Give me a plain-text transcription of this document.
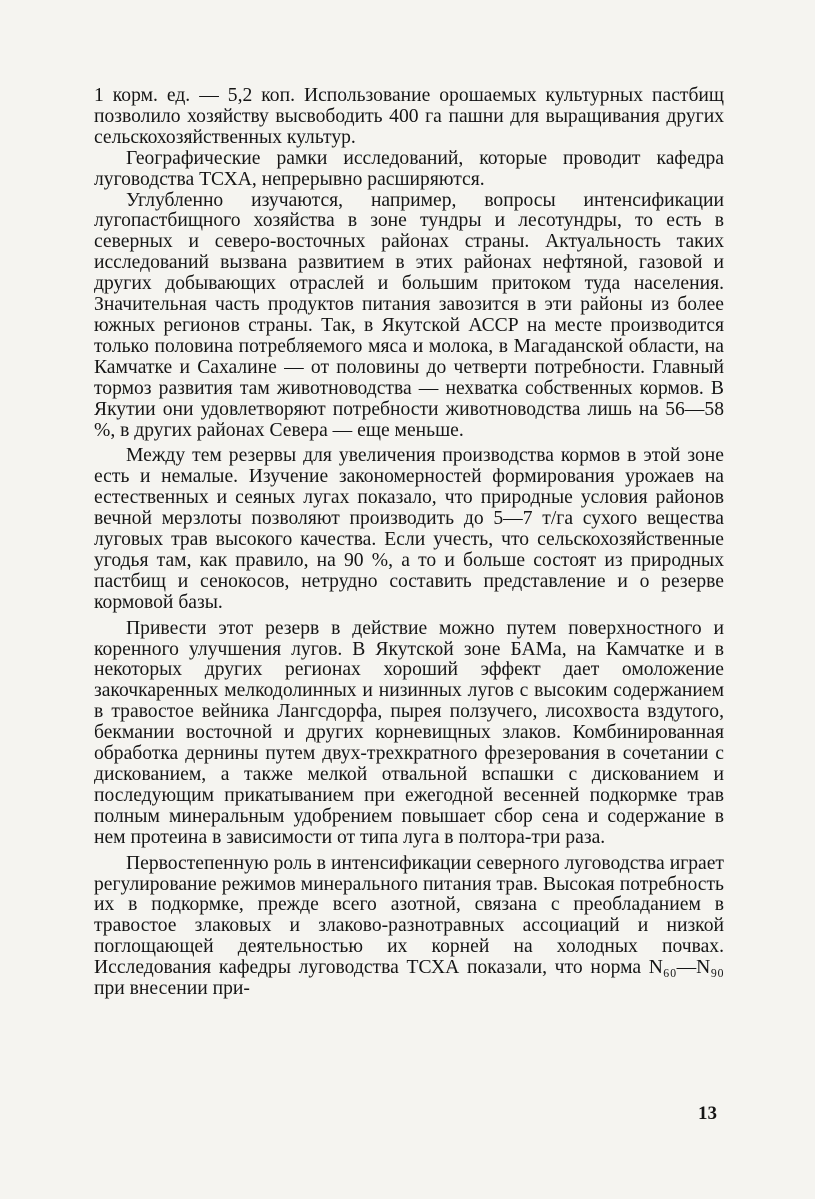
1 корм. ед. — 5,2 коп. Использование орошаемых культурных пастбищ позволило хозяйству высвободить 400 га пашни для выращивания других сельскохозяйственных культур.

Географические рамки исследований, которые проводит кафедра луговодства ТСХА, непрерывно расширяются.

Углубленно изучаются, например, вопросы интенсификации лугопастбищного хозяйства в зоне тундры и лесотундры, то есть в северных и северо-восточных районах страны. Актуальность таких исследований вызвана развитием в этих районах нефтяной, газовой и других добывающих отраслей и большим притоком туда населения. Значительная часть продуктов питания завозится в эти районы из более южных регионов страны. Так, в Якутской АССР на месте производится только половина потребляемого мяса и молока, в Магаданской области, на Камчатке и Сахалине — от половины до четверти потребности. Главный тормоз развития там животноводства — нехватка собственных кормов. В Якутии они удовлетворяют потребности животноводства лишь на 56—58 %, в других районах Севера — еще меньше.

Между тем резервы для увеличения производства кормов в этой зоне есть и немалые. Изучение закономерностей формирования урожаев на естественных и сеяных лугах показало, что природные условия районов вечной мерзлоты позволяют производить до 5—7 т/га сухого вещества луговых трав высокого качества. Если учесть, что сельскохозяйственные угодья там, как правило, на 90 %, а то и больше состоят из природных пастбищ и сенокосов, нетрудно составить представление и о резерве кормовой базы.

Привести этот резерв в действие можно путем поверхностного и коренного улучшения лугов. В Якутской зоне БАМа, на Камчатке и в некоторых других регионах хороший эффект дает омоложение закочкаренных мелкодолинных и низинных лугов с высоким содержанием в травостое вейника Лангсдорфа, пырея ползучего, лисохвоста вздутого, бекмании восточной и других корневищных злаков. Комбинированная обработка дернины путем двух-трехкратного фрезерования в сочетании с дискованием, а также мелкой отвальной вспашки с дискованием и последующим прикатыванием при ежегодной весенней подкормке трав полным минеральным удобрением повышает сбор сена и содержание в нем протеина в зависимости от типа луга в полтора-три раза.

Первостепенную роль в интенсификации северного луговодства играет регулирование режимов минерального питания трав. Высокая потребность их в подкормке, прежде всего азотной, связана с преобладанием в травостое злаковых и злаково-разнотравных ассоциаций и низкой поглощающей деятельностью их корней на холодных почвах. Исследования кафедры луговодства ТСХА показали, что норма N₆₀—N₉₀ при внесении при-

13
